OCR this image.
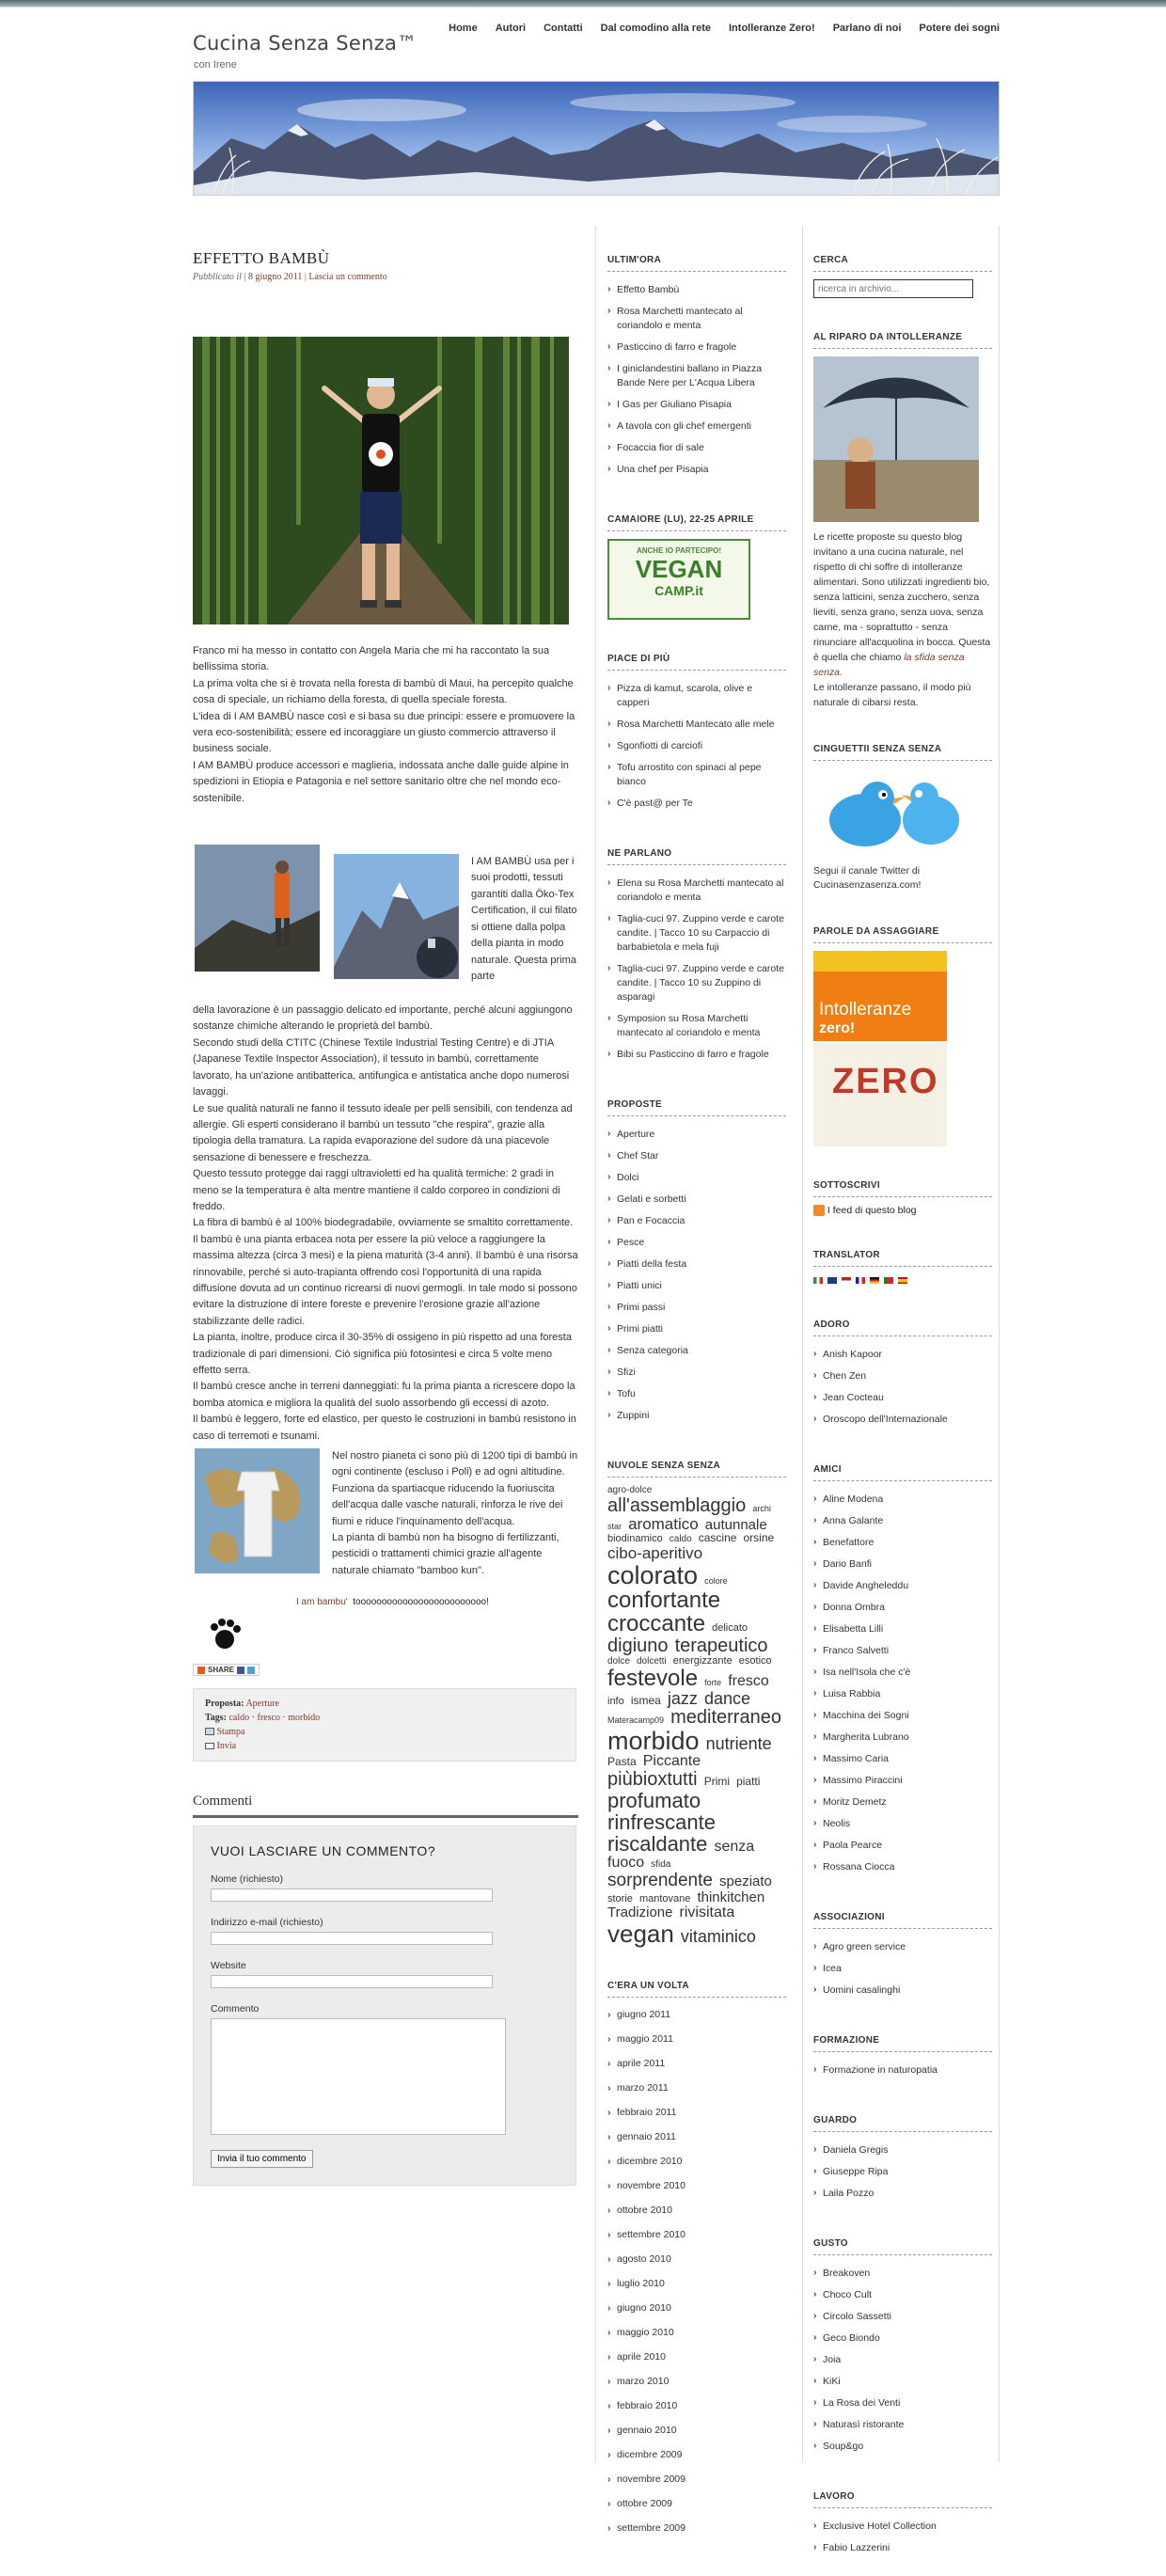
Cucina Senza Senza™
con Irene
Home Autori Contatti Dal comodino alla rete Intolleranze Zero! Parlano di noi Potere dei sogni
EFFETTO BAMBÙ
Pubblicato il | 8 giugno 2011 | Lascia un commento

Franco mi ha messo in contatto con Angela Maria che mi ha raccontato la sua bellissima storia.

La prima volta che si è trovata nella foresta di bambù di Maui, ha percepito qualche cosa di speciale, un richiamo della foresta, di quella speciale foresta.

L'idea di I AM BAMBÙ nasce così e si basa su due principi: essere e promuovere la vera eco-sostenibilità; essere ed incoraggiare un giusto commercio attraverso il business sociale.

I AM BAMBÙ produce accessori e maglieria, indossata anche dalle guide alpine in spedizioni in Etiopia e Patagonia e nel settore sanitario oltre che nel mondo eco-sostenibile.

I AM BAMBÙ usa per i suoi prodotti, tessuti garantiti dalla Öko-Tex Certification, il cui filato si ottiene dalla polpa della pianta in modo naturale. Questa prima parte

della lavorazione è un passaggio delicato ed importante, perché alcuni aggiungono sostanze chimiche alterando le proprietà del bambù.

Secondo studi della CTITC (Chinese Textile Industrial Testing Centre) e di JTIA (Japanese Textile Inspector Association), il tessuto in bambù, correttamente lavorato, ha un'azione antibatterica, antifungica e antistatica anche dopo numerosi lavaggi.

Le sue qualità naturali ne fanno il tessuto ideale per pelli sensibili, con tendenza ad allergie. Gli esperti considerano il bambù un tessuto "che respira", grazie alla tipologia della tramatura. La rapida evaporazione del sudore dà una piacevole sensazione di benessere e freschezza.

Questo tessuto protegge dai raggi ultravioletti ed ha qualità termiche: 2 gradi in meno se la temperatura è alta mentre mantiene il caldo corporeo in condizioni di freddo.

La fibra di bambù è al 100% biodegradabile, ovviamente se smaltito correttamente.

Il bambù è una pianta erbacea nota per essere la più veloce a raggiungere la massima altezza (circa 3 mesi) e la piena maturità (3-4 anni). Il bambù è una risorsa rinnovabile, perché si auto-trapianta offrendo così l'opportunità di una rapida diffusione dovuta ad un continuo ricrearsi di nuovi germogli. In tale modo si possono evitare la distruzione di intere foreste e prevenire l'erosione grazie all'azione stabilizzante delle radici.

La pianta, inoltre, produce circa il 30-35% di ossigeno in più rispetto ad una foresta tradizionale di pari dimensioni. Ciò significa più fotosintesi e circa 5 volte meno effetto serra.

Il bambù cresce anche in terreni danneggiati: fu la prima pianta a ricrescere dopo la bomba atomica e migliora la qualità del suolo assorbendo gli eccessi di azoto.

Il bambù è leggero, forte ed elastico, per questo le costruzioni in bambù resistono in caso di terremoti e tsunami.

Nel nostro pianeta ci sono più di 1200 tipi di bambù in ogni continente (escluso i Poli) e ad ogni altitudine.

Funziona da spartiacque riducendo la fuoriuscita dell'acqua dalle vasche naturali, rinforza le rive dei fiumi e riduce l'inquinamento dell'acqua.

La pianta di bambù non ha bisogno di fertilizzanti, pesticidi o trattamenti chimici grazie all'agente naturale chiamato "bamboo kun".

I am bambu' tooooooooooooooooooooooooo!
SHARE
Proposta: Aperture
Tags: caldo · fresco · morbido
Stampa
Invia
Commenti
VUOI LASCIARE UN COMMENTO?
Nome (richiesto)
Indirizzo e-mail (richiesto)
Website
Commento
Invia il tuo commento
ULTIM'ORA
› Effetto Bambù
› Rosa Marchetti mantecato al coriandolo e menta
› Pasticcino di farro e fragole
› I giniclandestini ballano in Piazza Bande Nere per L'Acqua Libera
› I Gas per Giuliano Pisapia
› A tavola con gli chef emergenti
› Focaccia fior di sale
› Una chef per Pisapia
CAMAIORE (LU), 22-25 APRILE
ANCHE IO PARTECIPO!
VEGAN
CAMP.it
PIACE DI PIÙ
› Pizza di kamut, scarola, olive e capperi
› Rosa Marchetti Mantecato alle mele
› Sgonfiotti di carciofi
› Tofu arrostito con spinaci al pepe bianco
› C'è past@ per Te
NE PARLANO
› Elena su Rosa Marchetti mantecato al coriandolo e menta
› Taglia-cuci 97. Zuppino verde e carote candite. | Tacco 10 su Carpaccio di barbabietola e mela fuji
› Taglia-cuci 97. Zuppino verde e carote candite. | Tacco 10 su Zuppino di asparagi
› Symposion su Rosa Marchetti mantecato al coriandolo e menta
› Bibi su Pasticcino di farro e fragole
PROPOSTE
› Aperture
› Chef Star
› Dolci
› Gelati e sorbetti
› Pan e Focaccia
› Pesce
› Piatti della festa
› Piatti unici
› Primi passi
› Primi piatti
› Senza categoria
› Sfizi
› Tofu
› Zuppini
NUVOLE SENZA SENZA
agro-dolce all'assemblaggio archi star aromatico autunnale biodinamico caldo cascine orsine cibo-aperitivo colorato colore confortante croccante delicato digiuno terapeutico dolce dolcetti energizzante esotico festevole forte fresco info ismea jazz dance Materacamp09 mediterraneo morbido nutriente Pasta Piccante piùbioxtutti Primi piatti profumato rinfrescante riscaldante senza fuoco sfida sorprendente speziato storie mantovane thinkitchen Tradizione rivisitata vegan vitaminico
C'ERA UN VOLTA
› giugno 2011
› maggio 2011
› aprile 2011
› marzo 2011
› febbraio 2011
› gennaio 2011
› dicembre 2010
› novembre 2010
› ottobre 2010
› settembre 2010
› agosto 2010
› luglio 2010
› giugno 2010
› maggio 2010
› aprile 2010
› marzo 2010
› febbraio 2010
› gennaio 2010
› dicembre 2009
› novembre 2009
› ottobre 2009
› settembre 2009
CERCA
ricerca in archivio...
AL RIPARO DA INTOLLERANZE

Le ricette proposte su questo blog invitano a una cucina naturale, nel rispetto di chi soffre di intolleranze alimentari. Sono utilizzati ingredienti bio, senza latticini, senza zucchero, senza lieviti, senza grano, senza uova, senza carne, ma - soprattutto - senza rinunciare all'acquolina in bocca. Questa è quella che chiamo la sfida senza senza.

Le intolleranze passano, il modo più naturale di cibarsi resta.

CINGUETTII SENZA SENZA

Segui il canale Twitter di Cucinasenzasenza.com!

PAROLE DA ASSAGGIARE
Intolleranze
zero!
ZERO
SOTTOSCRIVI
I feed di questo blog
TRANSLATOR

ADORO
› Anish Kapoor
› Chen Zen
› Jean Cocteau
› Oroscopo dell'Internazionale
AMICI
› Aline Modena
› Anna Galante
› Benefattore
› Dario Banfi
› Davide Angheleddu
› Donna Ombra
› Elisabetta Lilli
› Franco Salvetti
› Isa nell'Isola che c'è
› Luisa Rabbia
› Macchina dei Sogni
› Margherita Lubrano
› Massimo Caria
› Massimo Piraccini
› Moritz Demetz
› Neolis
› Paola Pearce
› Rossana Ciocca
ASSOCIAZIONI
› Agro green service
› Icea
› Uomini casalinghi
FORMAZIONE
› Formazione in naturopatia
GUARDO
› Daniela Gregis
› Giuseppe Ripa
› Laila Pozzo
GUSTO
› Breakoven
› Choco Cult
› Circolo Sassetti
› Geco Biondo
› Joia
› KiKi
› La Rosa dei Venti
› Naturasì ristorante
› Soup&go
LAVORO
› Exclusive Hotel Collection
› Fabio Lazzerini
